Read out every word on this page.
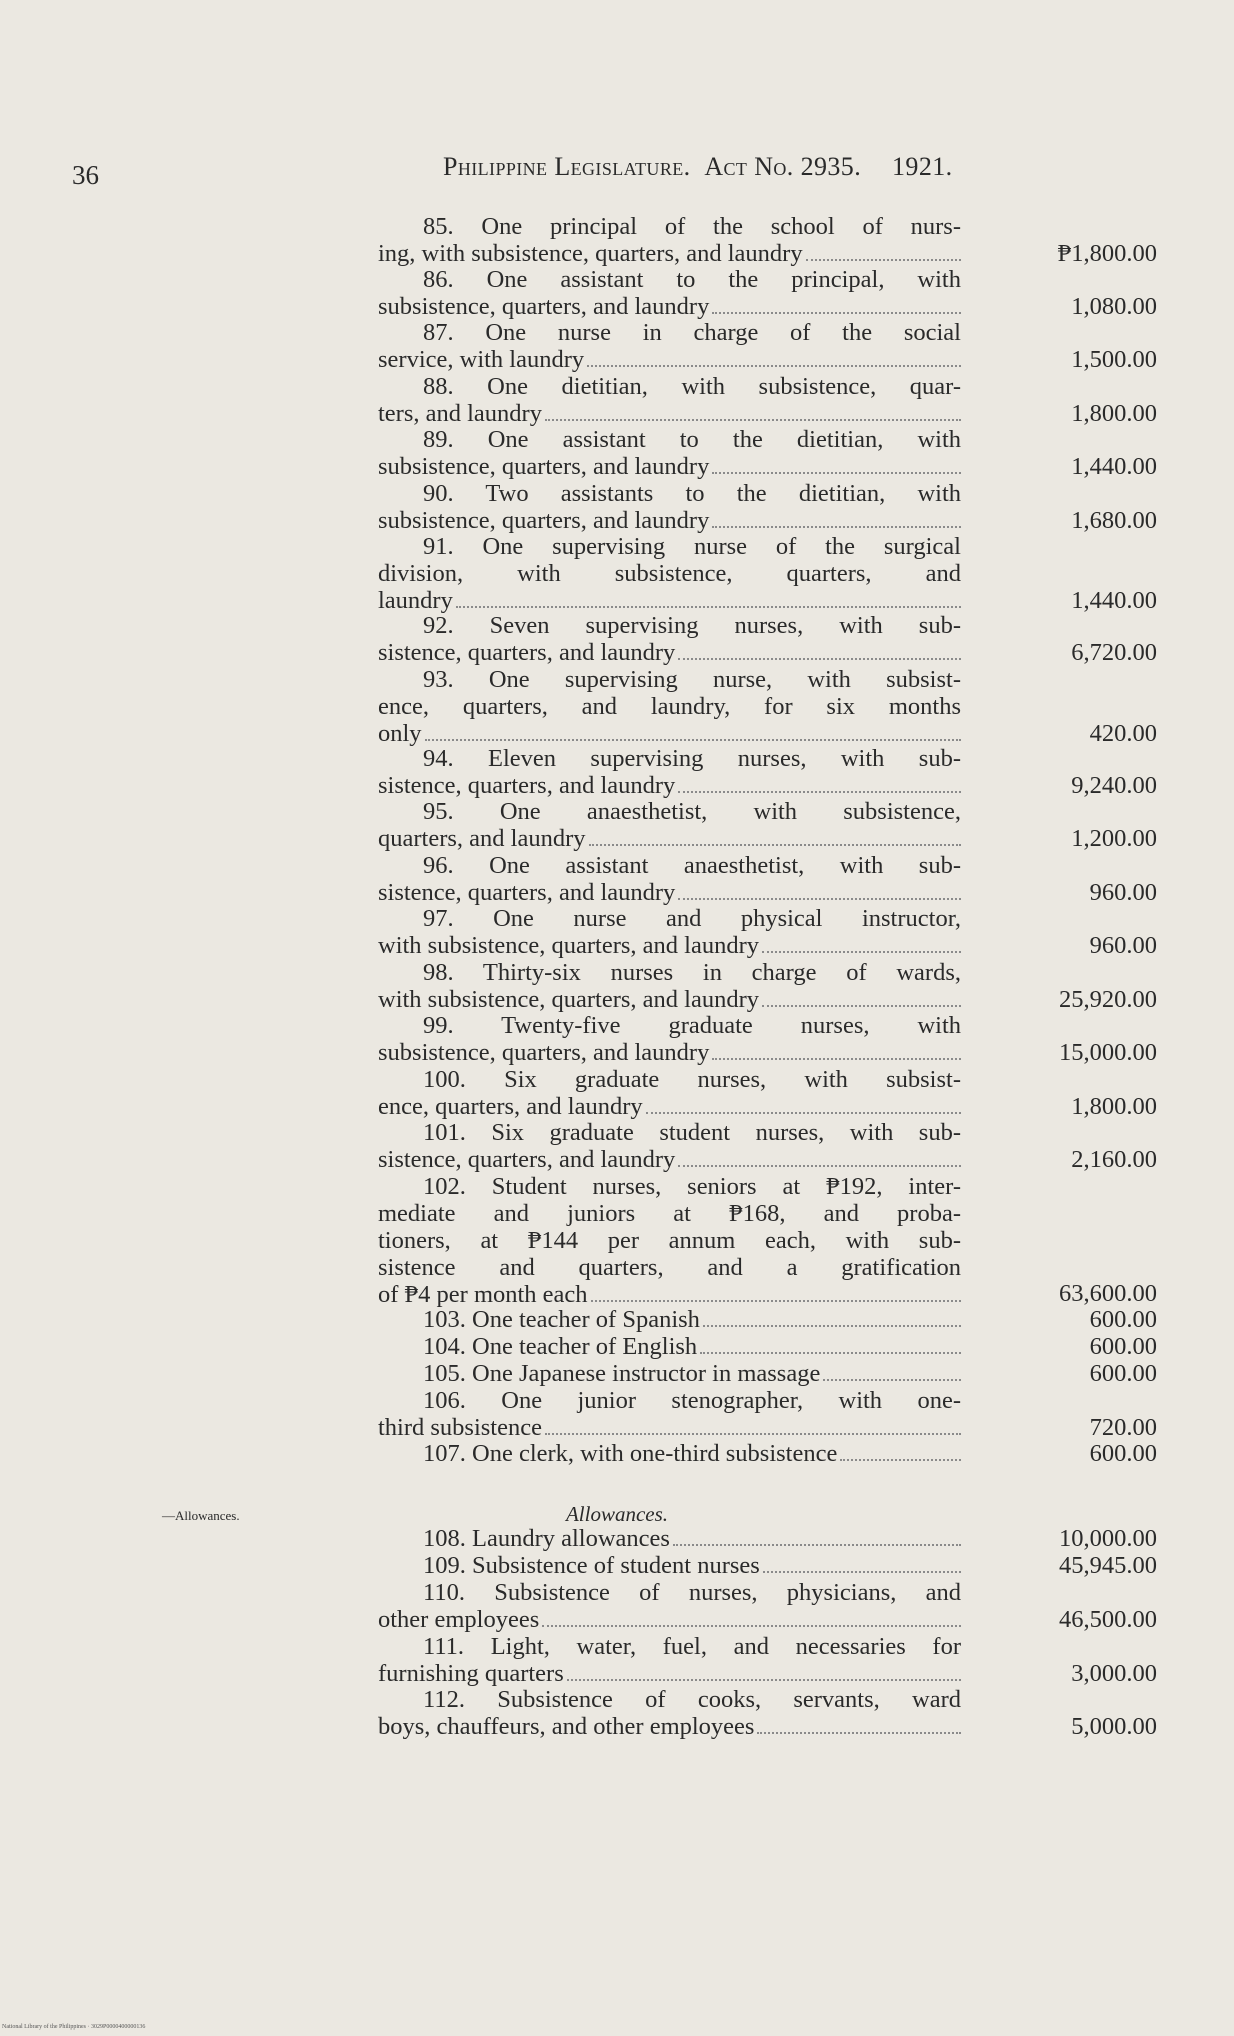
36	Philippine Legislature. Act No. 2935. 1921.
85. One principal of the school of nurs-
ing, with subsistence, quarters, and laundry	₱1,800.00
86. One assistant to the principal, with
subsistence, quarters, and laundry	1,080.00
87. One nurse in charge of the social
service, with laundry	1,500.00
88. One dietitian, with subsistence, quar-
ters, and laundry	1,800.00
89. One assistant to the dietitian, with
subsistence, quarters, and laundry	1,440.00
90. Two assistants to the dietitian, with
subsistence, quarters, and laundry	1,680.00
91. One supervising nurse of the surgical
division, with subsistence, quarters, and
laundry	1,440.00
92. Seven supervising nurses, with sub-
sistence, quarters, and laundry	6,720.00
93. One supervising nurse, with subsist-
ence, quarters, and laundry, for six months
only	420.00
94. Eleven supervising nurses, with sub-
sistence, quarters, and laundry	9,240.00
95. One anaesthetist, with subsistence,
quarters, and laundry	1,200.00
96. One assistant anaesthetist, with sub-
sistence, quarters, and laundry	960.00
97. One nurse and physical instructor,
with subsistence, quarters, and laundry	960.00
98. Thirty-six nurses in charge of wards,
with subsistence, quarters, and laundry	25,920.00
99. Twenty-five graduate nurses, with
subsistence, quarters, and laundry	15,000.00
100. Six graduate nurses, with subsist-
ence, quarters, and laundry	1,800.00
101. Six graduate student nurses, with sub-
sistence, quarters, and laundry	2,160.00
102. Student nurses, seniors at ₱192, inter-
mediate and juniors at ₱168, and proba-
tioners, at ₱144 per annum each, with sub-
sistence and quarters, and a gratification
of ₱4 per month each	63,600.00
103. One teacher of Spanish	600.00
104. One teacher of English	600.00
105. One Japanese instructor in massage	600.00
106. One junior stenographer, with one-
third subsistence	720.00
107. One clerk, with one-third subsistence	600.00
108. Laundry allowances	10,000.00
109. Subsistence of student nurses	45,945.00
110. Subsistence of nurses, physicians, and
other employees	46,500.00
111. Light, water, fuel, and necessaries for
furnishing quarters	3,000.00
112. Subsistence of cooks, servants, ward
boys, chauffeurs, and other employees	5,000.00
Allowances.
—Allowances.
National Library of the Philippines · 3029P0000400000136
